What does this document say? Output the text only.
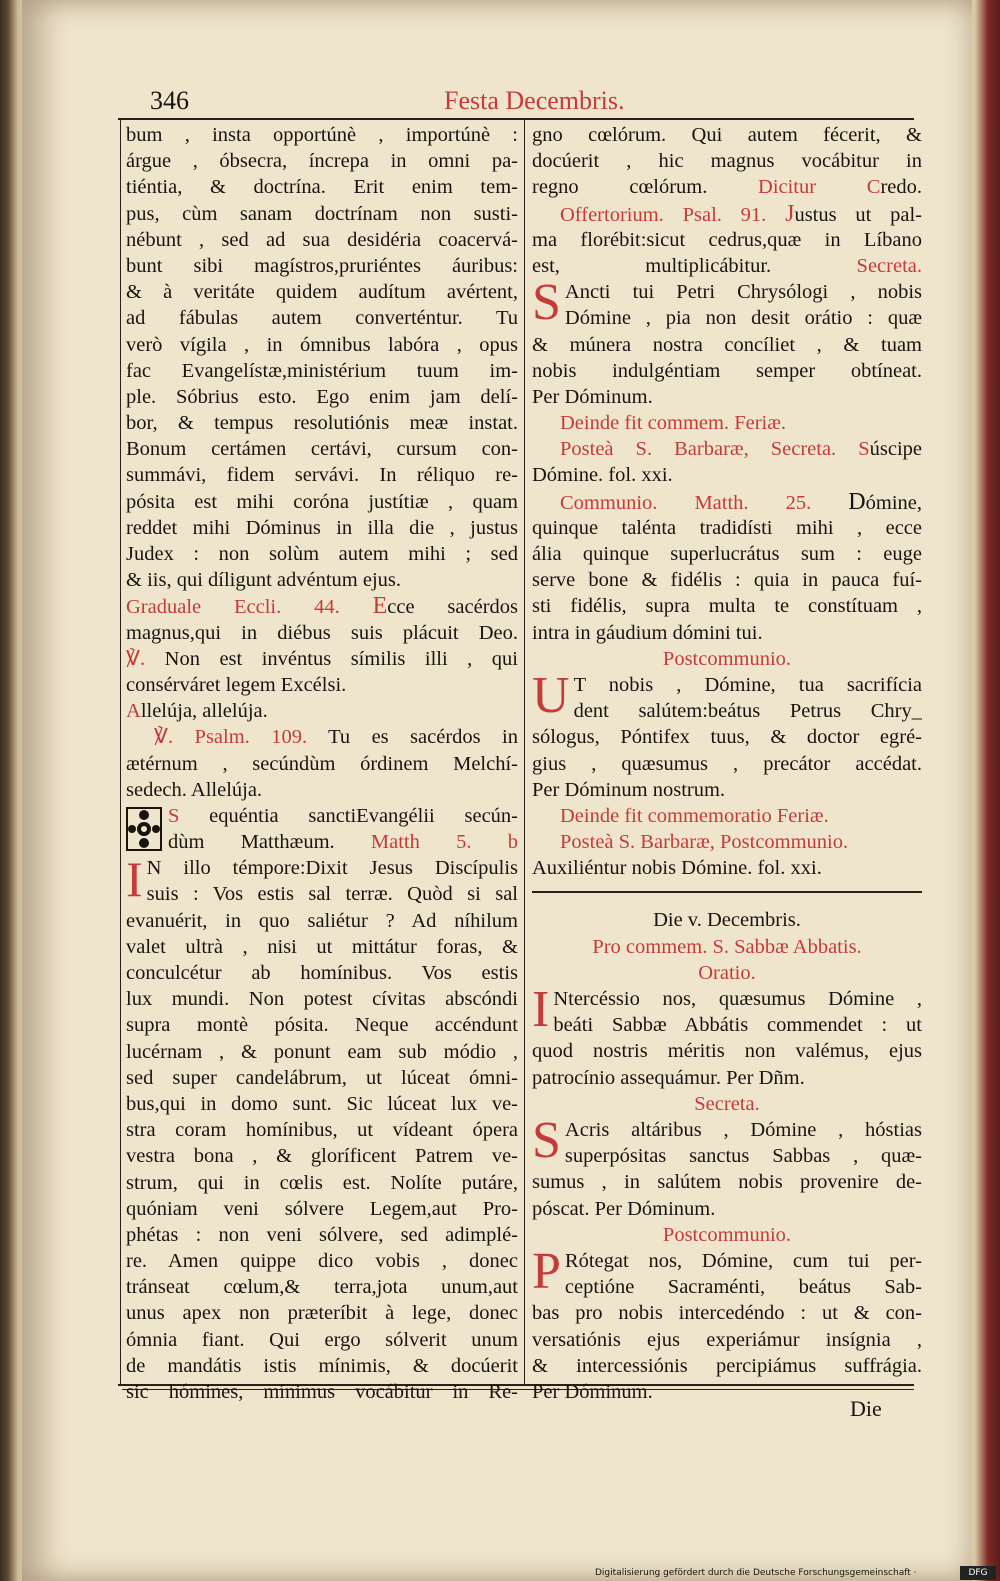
346	Festa Decembris.
bum , insta opportúnè , importúnè :
árgue , óbsecra, íncrepa in omni pa-
tiéntia, & doctrína. Erit enim tem-
pus, cùm sanam doctrínam non susti-
nébunt , sed ad sua desidéria coacervá-
bunt sibi magístros,pruriéntes áuribus:
& à veritáte quidem audítum avértent,
ad fábulas autem converténtur. Tu
verò vígila , in ómnibus labóra , opus
fac Evangelístæ,ministérium tuum im-
ple. Sóbrius esto. Ego enim jam delí-
bor, & tempus resolutiónis meæ instat.
Bonum certámen certávi, cursum con-
summávi, fidem servávi. In réliquo re-
pósita est mihi coróna justítiæ , quam
reddet mihi Dóminus in illa die , justus
Judex : non solùm autem mihi ; sed
& iis, qui díligunt advéntum ejus.
Graduale Eccli. 44. Ecce sacérdos
magnus,qui in diébus suis plácuit Deo.
℣. Non est invéntus símilis illi , qui
consérváret legem Excélsi.
Allelúja, allelúja.
℣. Psalm. 109. Tu es sacérdos in
ætérnum , secúndùm órdinem Melchí-
sedech. Allelúja.
S equéntia sanctiEvangélii secún-
dùm Matthæum. Matth 5. b
I N illo témpore:Dixit Jesus Discípulis
suis : Vos estis sal terræ. Quòd si sal
evanuérit, in quo saliétur ? Ad níhilum
valet ultrà , nisi ut mittátur foras, &
conculcétur ab homínibus. Vos estis
lux mundi. Non potest cívitas abscóndi
supra montè pósita. Neque accéndunt
lucérnam , & ponunt eam sub módio ,
sed super candelábrum, ut lúceat ómni-
bus,qui in domo sunt. Sic lúceat lux ve-
stra coram homínibus, ut vídeant ópera
vestra bona , & gloríficent Patrem ve-
strum, qui in cœlis est. Nolíte putáre,
quóniam veni sólvere Legem,aut Pro-
phétas : non veni sólvere, sed adimplé-
re. Amen quippe dico vobis , donec
tránseat cœlum,& terra,jota unum,aut
unus apex non præteríbit à lege, donec
ómnia fiant. Qui ergo sólverit unum
de mandátis istis mínimis, & docúerit
sic hómines, mínimus vocábitur in Re-
gno cœlórum. Qui autem fécerit, &
docúerit , hic magnus vocábitur in
regno cœlórum. Dicitur Credo.
Offertorium. Psal. 91. Justus ut pal-
ma florébit:sicut cedrus,quæ in Líbano
est, multiplicábitur.	Secreta.
S Ancti tui Petri Chrysólogi , nobis
Dómine , pia non desit orátio : quæ
& múnera nostra concíliet , & tuam
nobis indulgéntiam semper obtíneat.
Per Dóminum.
Deinde fit commem. Feriæ.
Posteà S. Barbaræ, Secreta. Súscipe
Dómine. fol. xxi.
Communio. Matth. 25. Dómine,
quinque talénta tradidísti mihi , ecce
ália quinque superlucrátus sum : euge
serve bone & fidélis : quia in pauca fuí-
sti fidélis, supra multa te constítuam ,
intra in gáudium dómini tui.
Postcommunio.
U T nobis , Dómine, tua sacrifícia
dent salútem:beátus Petrus Chry_
sólogus, Póntifex tuus, & doctor egré-
gius , quæsumus , precátor accédat.
Per Dóminum nostrum.
Deinde fit commemoratio Feriæ.
Posteà S. Barbaræ, Postcommunio.
Auxiliéntur nobis Dómine. fol. xxi.
Die v. Decembris.
Pro commem. S. Sabbæ Abbatis.
Oratio.
I Ntercéssio nos, quæsumus Dómine ,
beáti Sabbæ Abbátis commendet : ut
quod nostris méritis non valémus, ejus
patrocínio assequámur. Per Dñm.
Secreta.
S Acris altáribus , Dómine , hóstias
superpósitas sanctus Sabbas , quæ-
sumus , in salútem nobis provenire de-
póscat. Per Dóminum.
Postcommunio.
P Rótegat nos, Dómine, cum tui per-
ceptióne Sacraménti, beátus Sab-
bas pro nobis intercedéndo : ut & con-
versatiónis ejus experiámur insígnia ,
& intercessiónis percipiámus suffrágia.
Per Dóminum.
Die
Digitalisierung gefördert durch die Deutsche Forschungsgemeinschaft ·	DFG
